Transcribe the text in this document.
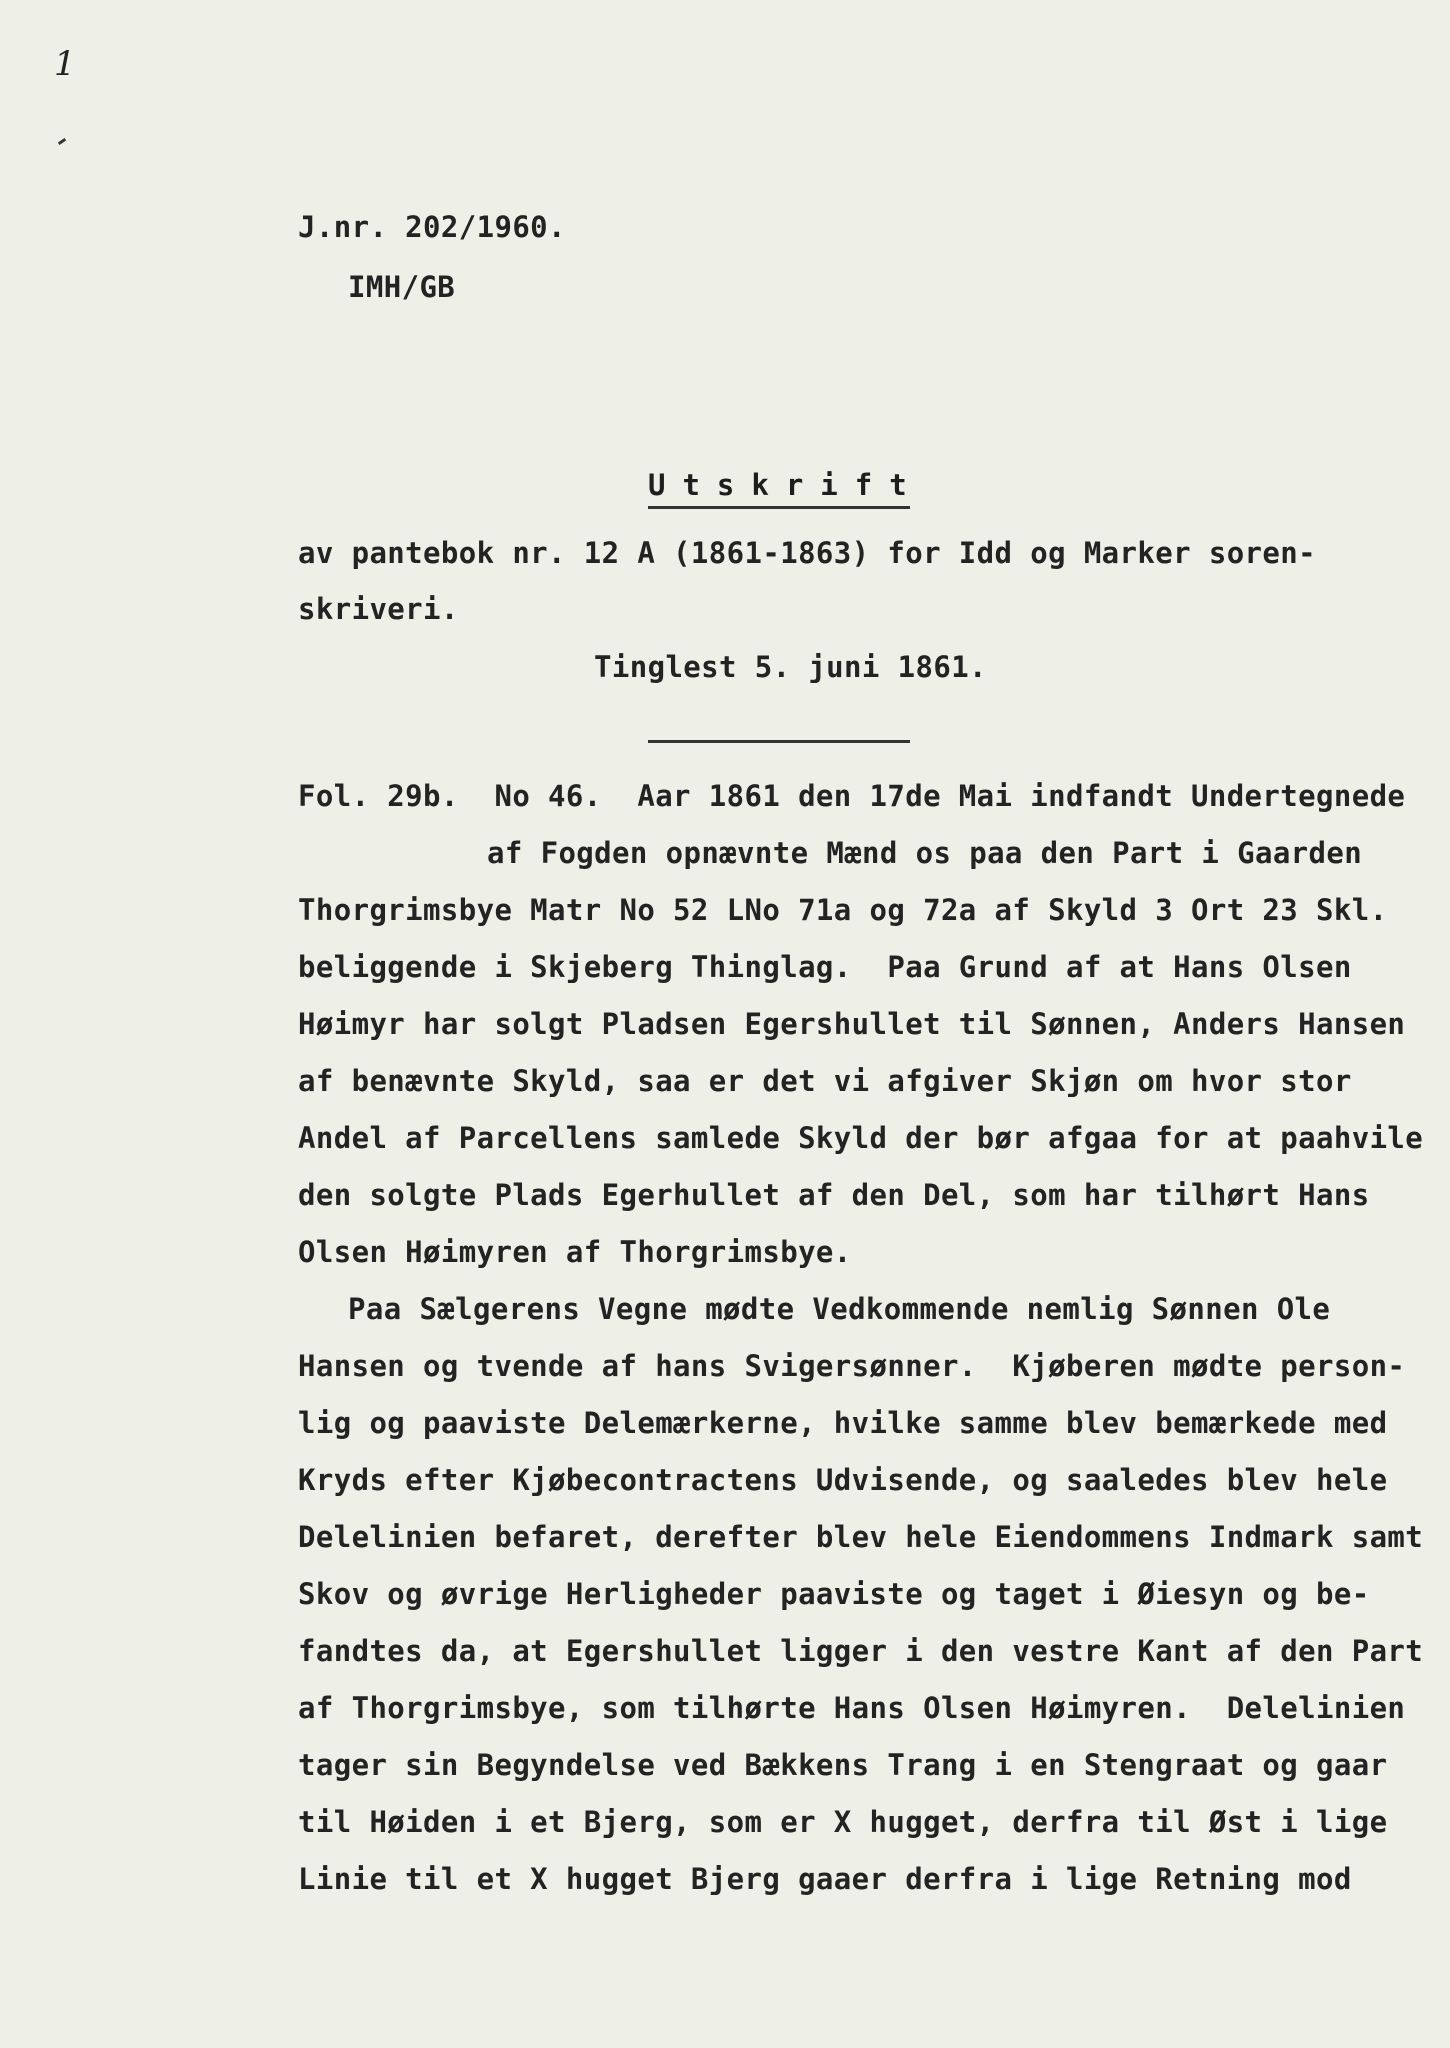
1
J.nr. 202/1960.
IMH/GB
Utskrift
av pantebok nr. 12 A (1861-1863) for Idd og Marker soren-
skriveri.
Tinglest 5. juni 1861.
Fol. 29b.  No 46.  Aar 1861 den 17de Mai indfandt Undertegnede
af Fogden opnævnte Mænd os paa den Part i Gaarden
Thorgrimsbye Matr No 52 LNo 71a og 72a af Skyld 3 Ort 23 Skl.
beliggende i Skjeberg Thinglag.  Paa Grund af at Hans Olsen
Høimyr har solgt Pladsen Egershullet til Sønnen, Anders Hansen
af benævnte Skyld, saa er det vi afgiver Skjøn om hvor stor
Andel af Parcellens samlede Skyld der bør afgaa for at paahvile
den solgte Plads Egerhullet af den Del, som har tilhørt Hans
Olsen Høimyren af Thorgrimsbye.
Paa Sælgerens Vegne mødte Vedkommende nemlig Sønnen Ole
Hansen og tvende af hans Svigersønner.  Kjøberen mødte person-
lig og paaviste Delemærkerne, hvilke samme blev bemærkede med
Kryds efter Kjøbecontractens Udvisende, og saaledes blev hele
Delelinien befaret, derefter blev hele Eiendommens Indmark samt
Skov og øvrige Herligheder paaviste og taget i Øiesyn og be-
fandtes da, at Egershullet ligger i den vestre Kant af den Part
af Thorgrimsbye, som tilhørte Hans Olsen Høimyren.  Delelinien
tager sin Begyndelse ved Bækkens Trang i en Stengraat og gaar
til Høiden i et Bjerg, som er X hugget, derfra til Øst i lige
Linie til et X hugget Bjerg gaaer derfra i lige Retning mod
